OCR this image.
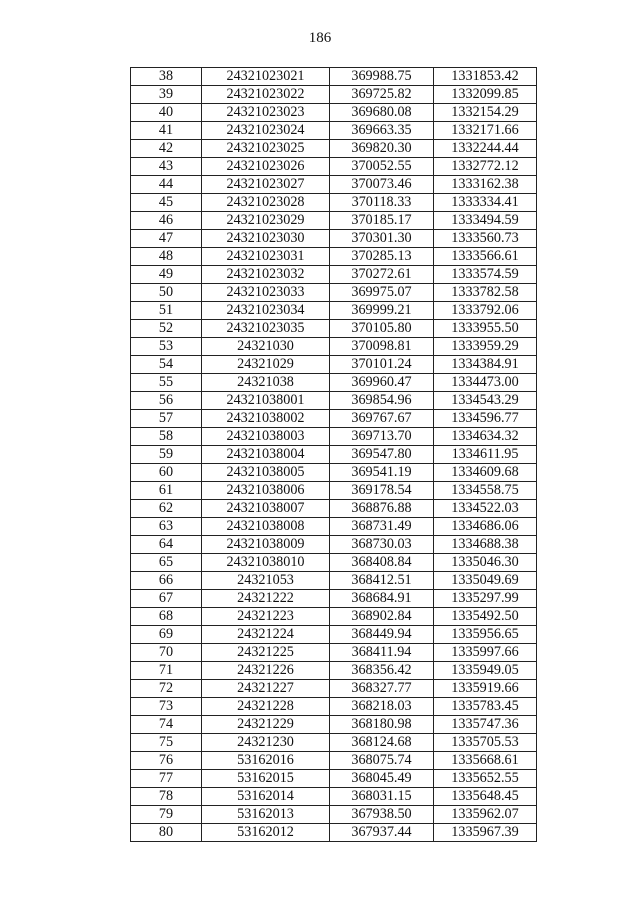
186
38	24321023021	369988.75	1331853.42
39	24321023022	369725.82	1332099.85
40	24321023023	369680.08	1332154.29
41	24321023024	369663.35	1332171.66
42	24321023025	369820.30	1332244.44
43	24321023026	370052.55	1332772.12
44	24321023027	370073.46	1333162.38
45	24321023028	370118.33	1333334.41
46	24321023029	370185.17	1333494.59
47	24321023030	370301.30	1333560.73
48	24321023031	370285.13	1333566.61
49	24321023032	370272.61	1333574.59
50	24321023033	369975.07	1333782.58
51	24321023034	369999.21	1333792.06
52	24321023035	370105.80	1333955.50
53	24321030	370098.81	1333959.29
54	24321029	370101.24	1334384.91
55	24321038	369960.47	1334473.00
56	24321038001	369854.96	1334543.29
57	24321038002	369767.67	1334596.77
58	24321038003	369713.70	1334634.32
59	24321038004	369547.80	1334611.95
60	24321038005	369541.19	1334609.68
61	24321038006	369178.54	1334558.75
62	24321038007	368876.88	1334522.03
63	24321038008	368731.49	1334686.06
64	24321038009	368730.03	1334688.38
65	24321038010	368408.84	1335046.30
66	24321053	368412.51	1335049.69
67	24321222	368684.91	1335297.99
68	24321223	368902.84	1335492.50
69	24321224	368449.94	1335956.65
70	24321225	368411.94	1335997.66
71	24321226	368356.42	1335949.05
72	24321227	368327.77	1335919.66
73	24321228	368218.03	1335783.45
74	24321229	368180.98	1335747.36
75	24321230	368124.68	1335705.53
76	53162016	368075.74	1335668.61
77	53162015	368045.49	1335652.55
78	53162014	368031.15	1335648.45
79	53162013	367938.50	1335962.07
80	53162012	367937.44	1335967.39
